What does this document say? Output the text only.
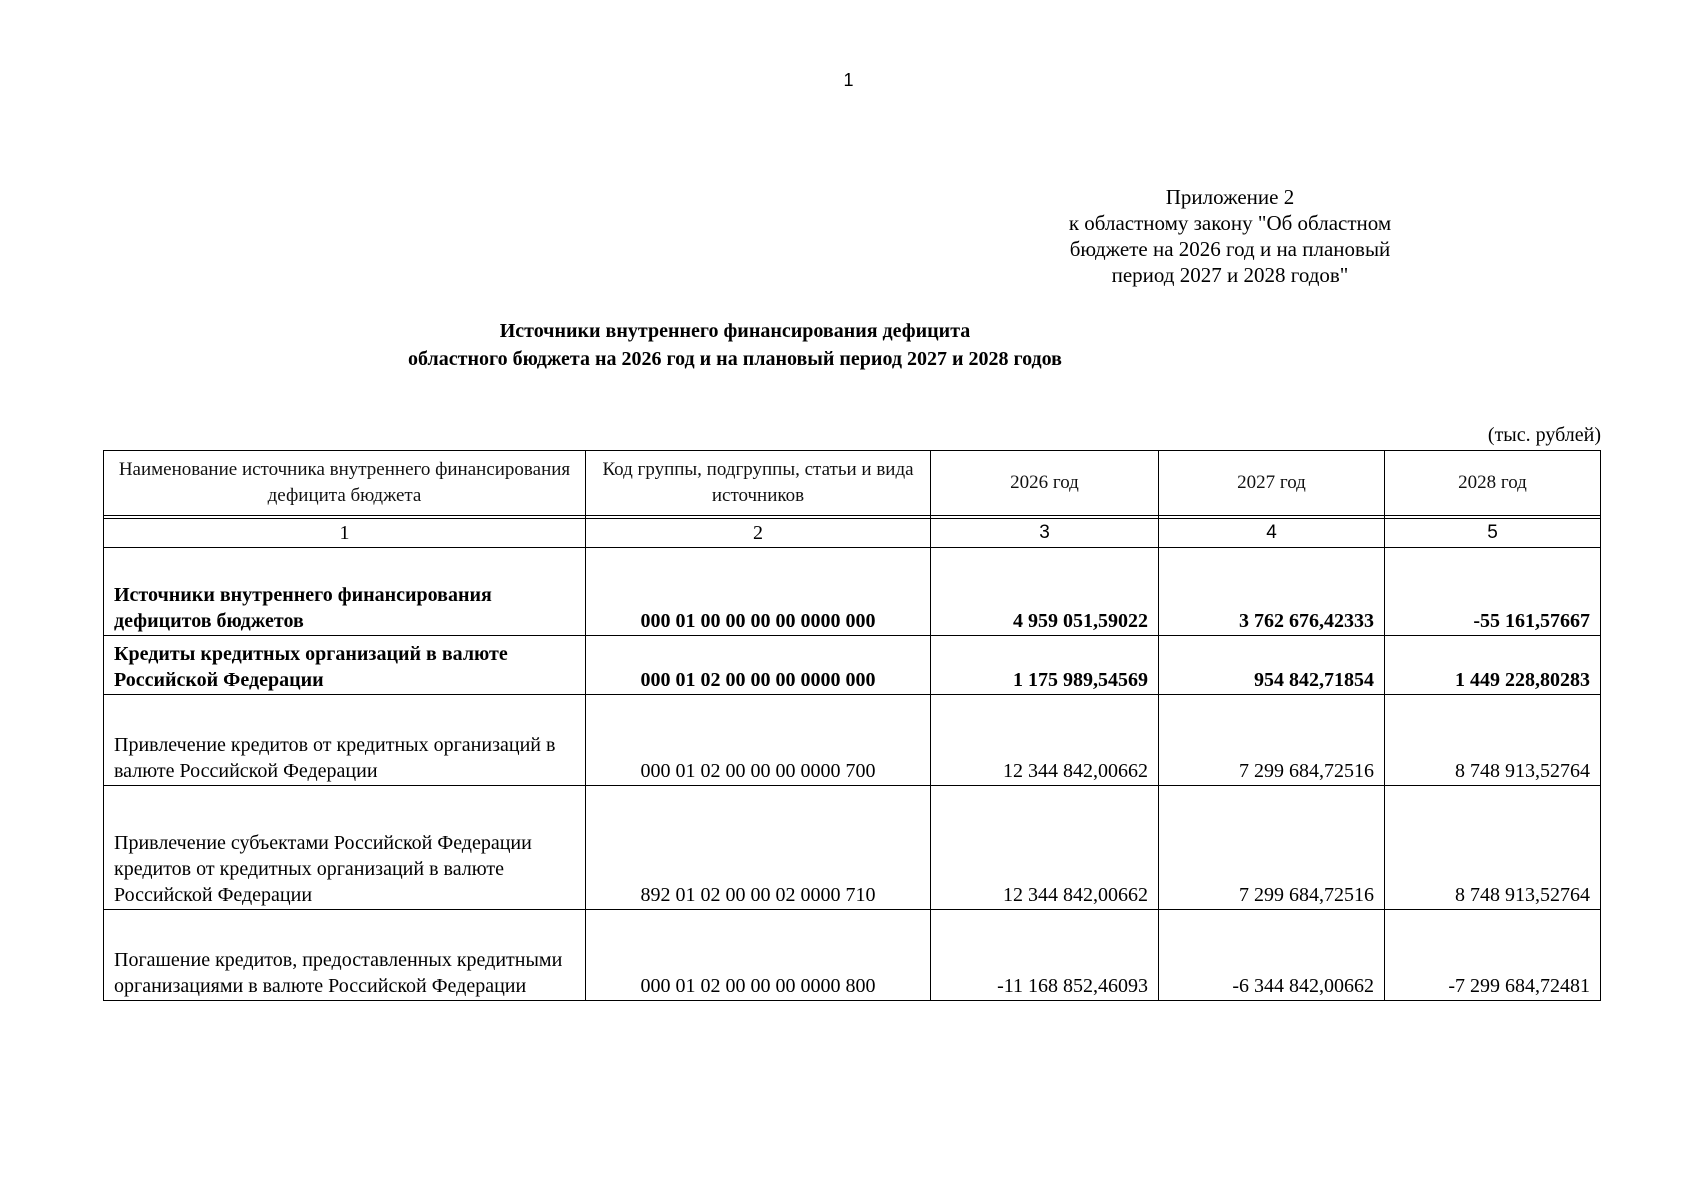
1
Приложение 2
к областному закону "Об областном
бюджете на 2026 год и на плановый
период 2027 и 2028 годов"
Источники внутреннего финансирования дефицита
областного бюджета на 2026 год и на плановый период 2027 и 2028 годов
(тыс. рублей)
Наименование источника внутреннего финансирования дефицита бюджета	Код группы, подгруппы, статьи и вида источников	2026 год	2027 год	2028 год

1	2	3	4	5
Источники внутреннего финансирования дефицитов бюджетов	000 01 00 00 00 00 0000 000	4 959 051,59022	3 762 676,42333	-55 161,57667
Кредиты кредитных организаций в валюте Российской Федерации	000 01 02 00 00 00 0000 000	1 175 989,54569	954 842,71854	1 449 228,80283
Привлечение кредитов от кредитных организаций в валюте Российской Федерации	000 01 02 00 00 00 0000 700	12 344 842,00662	7 299 684,72516	8 748 913,52764
Привлечение субъектами Российской Федерации кредитов от кредитных организаций в валюте Российской Федерации	892 01 02 00 00 02 0000 710	12 344 842,00662	7 299 684,72516	8 748 913,52764
Погашение кредитов, предоставленных кредитными организациями в валюте Российской Федерации	000 01 02 00 00 00 0000 800	-11 168 852,46093	-6 344 842,00662	-7 299 684,72481
